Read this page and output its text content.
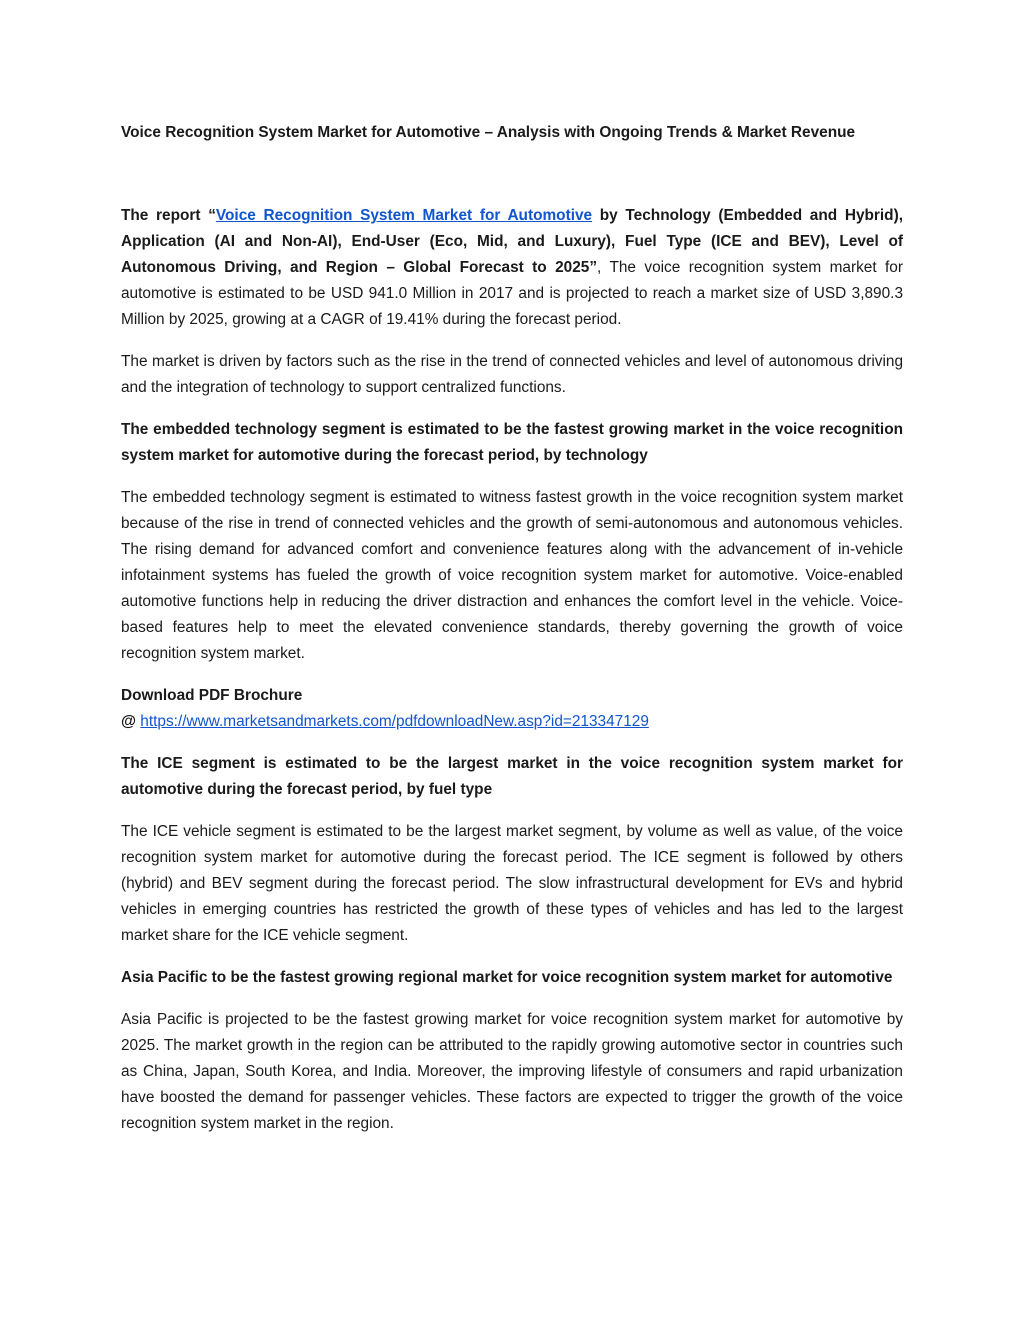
Voice Recognition System Market for Automotive – Analysis with Ongoing Trends & Market Revenue

The report “Voice Recognition System Market for Automotive by Technology (Embedded and Hybrid), Application (AI and Non-AI), End-User (Eco, Mid, and Luxury), Fuel Type (ICE and BEV), Level of Autonomous Driving, and Region – Global Forecast to 2025”, The voice recognition system market for automotive is estimated to be USD 941.0 Million in 2017 and is projected to reach a market size of USD 3,890.3 Million by 2025, growing at a CAGR of 19.41% during the forecast period.

The market is driven by factors such as the rise in the trend of connected vehicles and level of autonomous driving and the integration of technology to support centralized functions.

The embedded technology segment is estimated to be the fastest growing market in the voice recognition system market for automotive during the forecast period, by technology

The embedded technology segment is estimated to witness fastest growth in the voice recognition system market because of the rise in trend of connected vehicles and the growth of semi-autonomous and autonomous vehicles. The rising demand for advanced comfort and convenience features along with the advancement of in-vehicle infotainment systems has fueled the growth of voice recognition system market for automotive. Voice-enabled automotive functions help in reducing the driver distraction and enhances the comfort level in the vehicle. Voice-based features help to meet the elevated convenience standards, thereby governing the growth of voice recognition system market.

Download PDF Brochure
@ https://www.marketsandmarkets.com/pdfdownloadNew.asp?id=213347129

The ICE segment is estimated to be the largest market in the voice recognition system market for automotive during the forecast period, by fuel type

The ICE vehicle segment is estimated to be the largest market segment, by volume as well as value, of the voice recognition system market for automotive during the forecast period. The ICE segment is followed by others (hybrid) and BEV segment during the forecast period. The slow infrastructural development for EVs and hybrid vehicles in emerging countries has restricted the growth of these types of vehicles and has led to the largest market share for the ICE vehicle segment.

Asia Pacific to be the fastest growing regional market for voice recognition system market for automotive

Asia Pacific is projected to be the fastest growing market for voice recognition system market for automotive by 2025. The market growth in the region can be attributed to the rapidly growing automotive sector in countries such as China, Japan, South Korea, and India. Moreover, the improving lifestyle of consumers and rapid urbanization have boosted the demand for passenger vehicles. These factors are expected to trigger the growth of the voice recognition system market in the region.
